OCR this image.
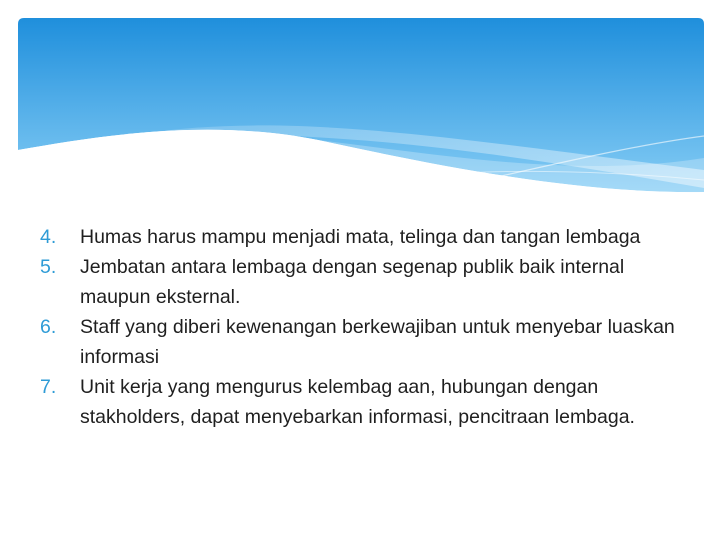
4. Humas harus mampu menjadi mata, telinga dan tangan lembaga
5. Jembatan antara lembaga dengan segenap publik baik internal maupun eksternal.
6. Staff yang diberi kewenangan berkewajiban untuk menyebar luaskan informasi
7. Unit kerja yang mengurus kelembag aan, hubungan dengan stakholders, dapat menyebarkan informasi, pencitraan lembaga.
